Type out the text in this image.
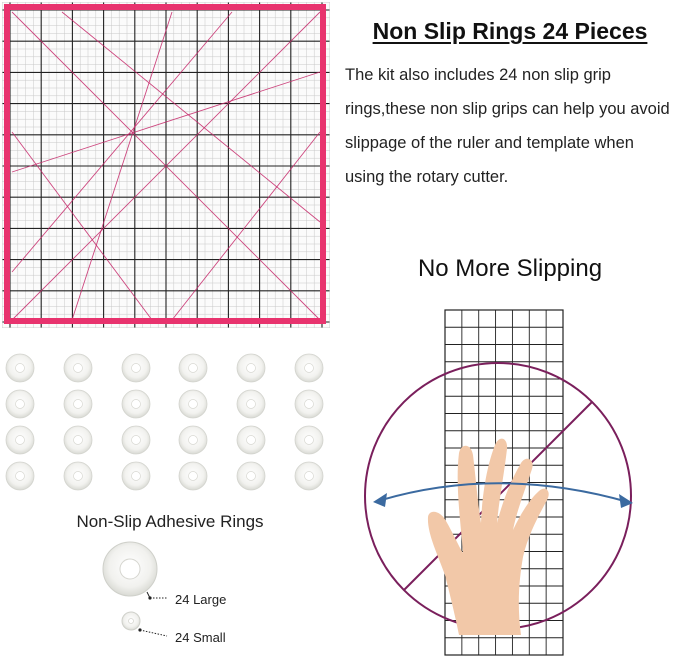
Non Slip Rings 24 Pieces
The kit also includes 24 non slip grip rings,these non slip grips can help you avoid slippage of the ruler and template when using the rotary cutter.
No More Slipping
Non-Slip Adhesive Rings
24 Large
24 Small
